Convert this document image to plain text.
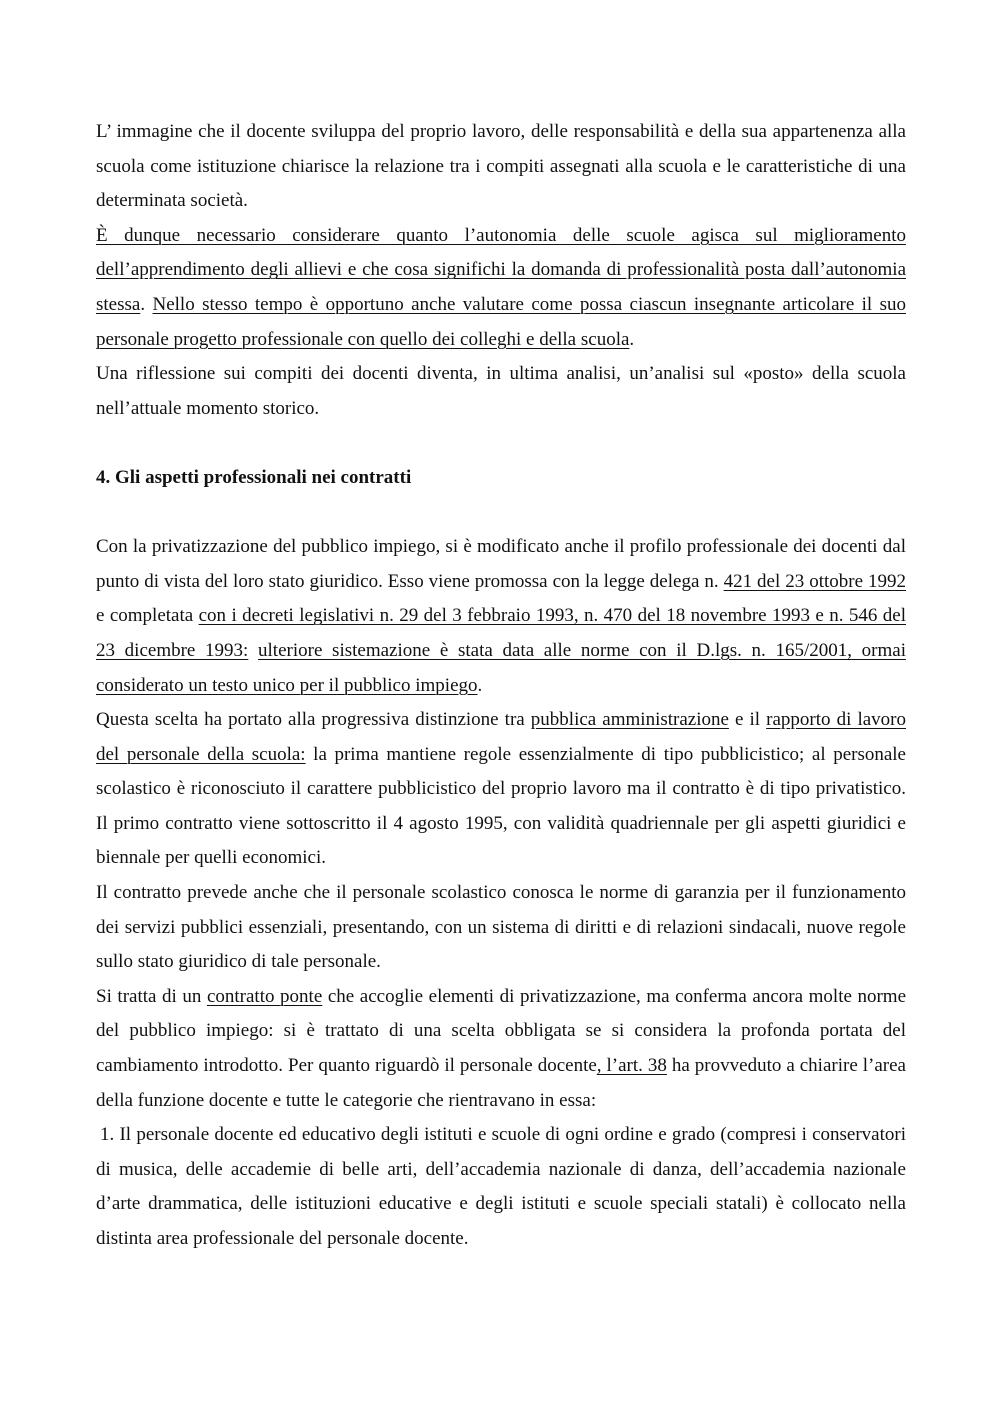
L’ immagine che il docente sviluppa del proprio lavoro, delle responsabilità e della sua appartenenza alla scuola come istituzione chiarisce la relazione tra i compiti assegnati alla scuola e le caratteristiche di una determinata società.

È dunque necessario considerare quanto l’autonomia delle scuole agisca sul miglioramento dell’apprendimento degli allievi e che cosa significhi la domanda di professionalità posta dall’autonomia stessa. Nello stesso tempo è opportuno anche valutare come possa ciascun insegnante articolare il suo personale progetto professionale con quello dei colleghi e della scuola.

Una riflessione sui compiti dei docenti diventa, in ultima analisi, un’analisi sul «posto» della scuola nell’attuale momento storico.

4. Gli aspetti professionali nei contratti

Con la privatizzazione del pubblico impiego, si è modificato anche il profilo professionale dei docenti dal punto di vista del loro stato giuridico. Esso viene promossa con la legge delega n. 421 del 23 ottobre 1992 e completata con i decreti legislativi n. 29 del 3 febbraio 1993, n. 470 del 18 novembre 1993 e n. 546 del 23 dicembre 1993: ulteriore sistemazione è stata data alle norme con il D.lgs. n. 165/2001, ormai considerato un testo unico per il pubblico impiego.

Questa scelta ha portato alla progressiva distinzione tra pubblica amministrazione e il rapporto di lavoro del personale della scuola: la prima mantiene regole essenzialmente di tipo pubblicistico; al personale scolastico è riconosciuto il carattere pubblicistico del proprio lavoro ma il contratto è di tipo privatistico. Il primo contratto viene sottoscritto il 4 agosto 1995, con validità quadriennale per gli aspetti giuridici e biennale per quelli economici.

Il contratto prevede anche che il personale scolastico conosca le norme di garanzia per il funzionamento dei servizi pubblici essenziali, presentando, con un sistema di diritti e di relazioni sindacali, nuove regole sullo stato giuridico di tale personale.

Si tratta di un contratto ponte che accoglie elementi di privatizzazione, ma conferma ancora molte norme del pubblico impiego: si è trattato di una scelta obbligata se si considera la profonda portata del cambiamento introdotto. Per quanto riguardò il personale docente, l’art. 38 ha provveduto a chiarire l’area della funzione docente e tutte le categorie che rientravano in essa:

1. Il personale docente ed educativo degli istituti e scuole di ogni ordine e grado (compresi i conservatori di musica, delle accademie di belle arti, dell’accademia nazionale di danza, dell’accademia nazionale d’arte drammatica, delle istituzioni educative e degli istituti e scuole speciali statali) è collocato nella distinta area professionale del personale docente.
